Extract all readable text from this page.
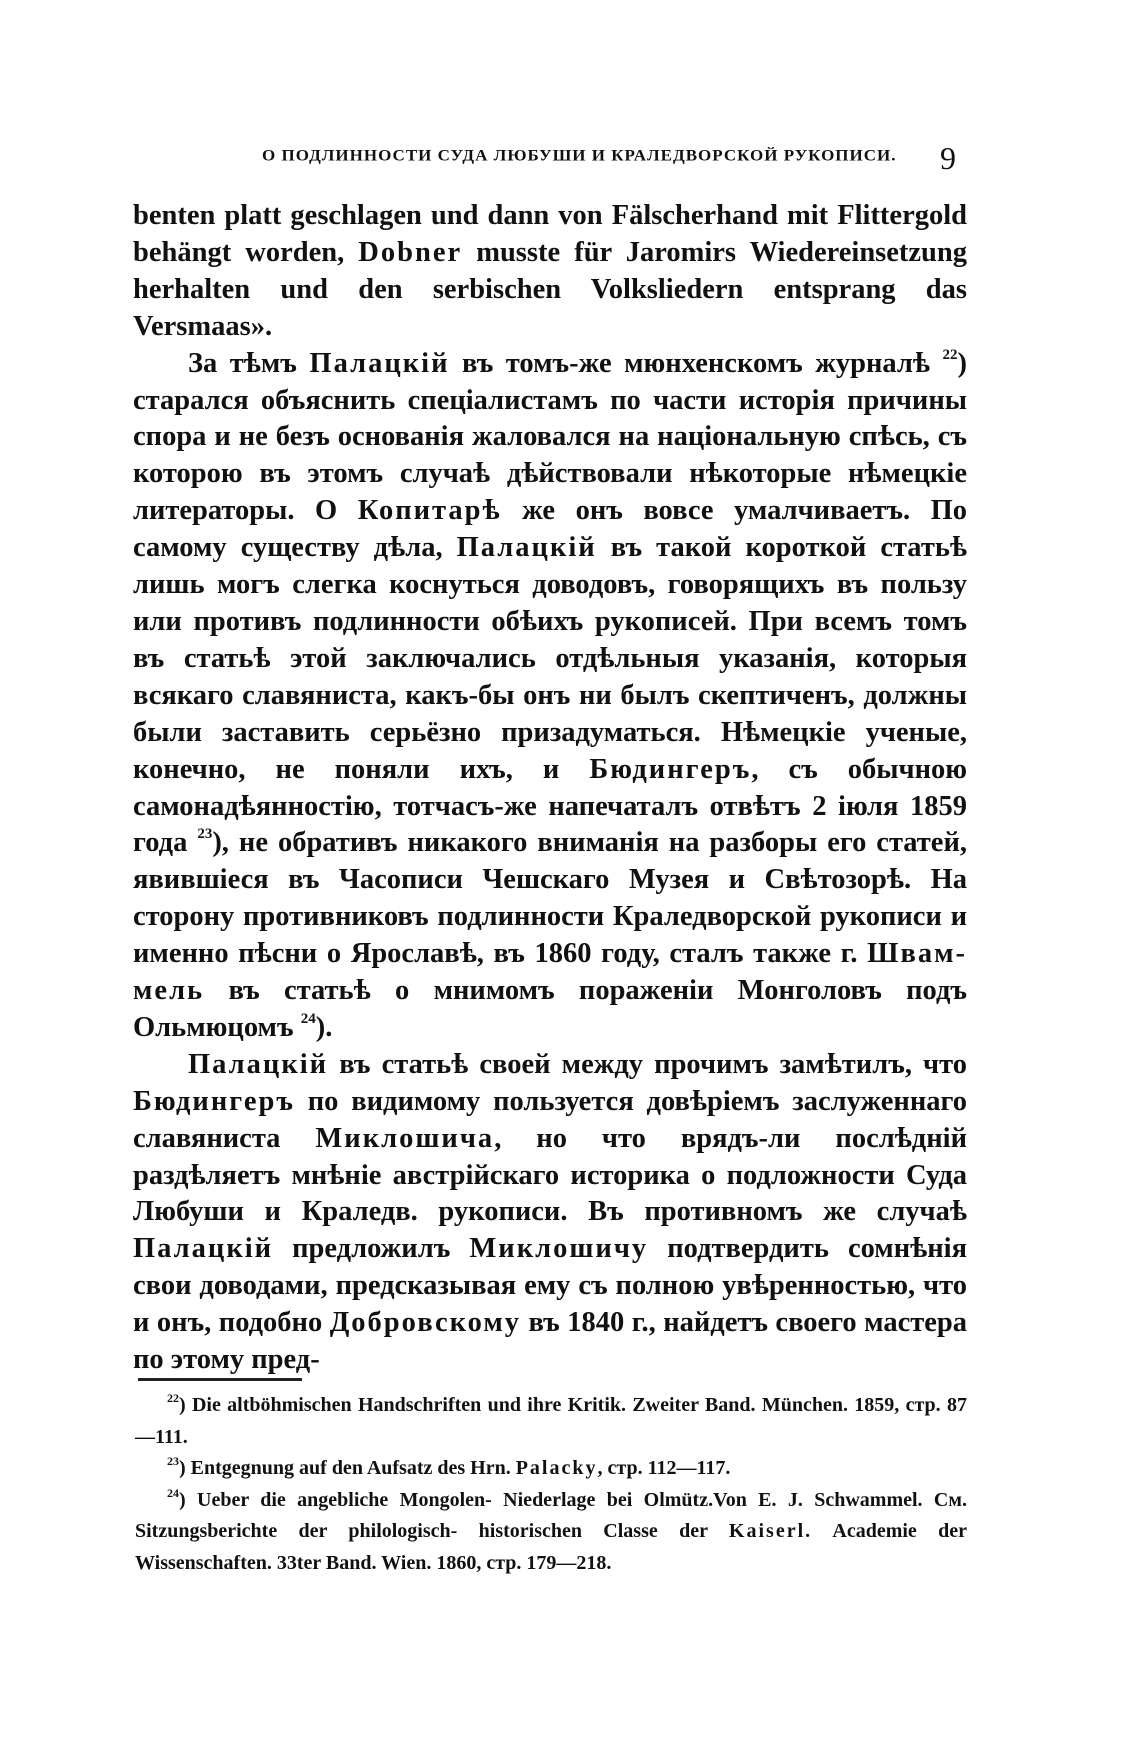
О ПОДЛИННОСТИ СУДА ЛЮБУШИ И КРАЛЕДВОРСКОЙ РУКОПИСИ. 9

benten platt geschlagen und dann von Fälscherhand mit Flittergold behängt worden, Dobner musste für Jaromirs Wiedereinsetzung herhalten und den serbischen Volksliedern entsprang das Versmaas».

За тѣмъ Палацкій въ томъ-же мюнхенскомъ журналѣ $^{22}$) старался объяснить спеціалистамъ по части исторія причины спора и не безъ основанія жаловался на національную спѣсь, съ которою въ этомъ случаѣ дѣйствовали нѣкоторые нѣмецкіе литераторы. О Копитарѣ же онъ вовсе умалчиваетъ. По самому существу дѣла, Палацкій въ такой короткой статьѣ лишь могъ слегка коснуться доводовъ, говорящихъ въ пользу или противъ подлинности обѣихъ рукописей. При всемъ томъ въ статьѣ этой заключались отдѣльныя указанія, которыя всякаго славяниста, какъ-бы онъ ни былъ скептиченъ, должны были заставить серьёзно призадуматься. Нѣмецкіе ученые, конечно, не поняли ихъ, и Бюдингеръ, съ обычною самонадѣянностію, тотчасъ-же напечаталъ отвѣтъ 2 іюля 1859 года $^{23}$), не обративъ никакого вниманія на разборы его статей, явившіеся въ Часописи Чешскаго Музея и Свѣтозорѣ. На сторону противниковъ подлинности Краледворской рукописи и именно пѣсни о Ярославѣ, въ 1860 году, сталъ также г. Швам- мель въ статьѣ о мнимомъ пораженіи Монголовъ подъ Ольмюцомъ $^{24}$).

Палацкій въ статьѣ своей между прочимъ замѣтилъ, что Бюдингеръ по видимому пользуется довѣріемъ заслуженнаго славяниста Миклошича, но что врядъ-ли послѣдній раздѣляетъ мнѣніе австрійскаго историка о подложности Суда Любуши и Краледв. рукописи. Въ противномъ же случаѣ Палацкій предложилъ Миклошичу подтвердить сомнѣнія свои доводами, предсказывая ему съ полною увѣренностью, что и онъ, подобно Добровскому въ 1840 г., найдетъ своего мастера по этому пред-

$^{22}$) Die altböhmischen Handschriften und ihre Kritik. Zweiter Band. München. 1859, стр. 87—111.

$^{23}$) Entgegnung auf den Aufsatz des Hrn. Palacky, стр. 112—117.

$^{24}$) Ueber die angebliche Mongolen- Niederlage bei Olmütz.Von E. J. Schwammel. См. Sitzungsberichte der philologisch- historischen Classe der Kaiserl. Academie der Wissenschaften. 33ter Band. Wien. 1860, стр. 179—218.
